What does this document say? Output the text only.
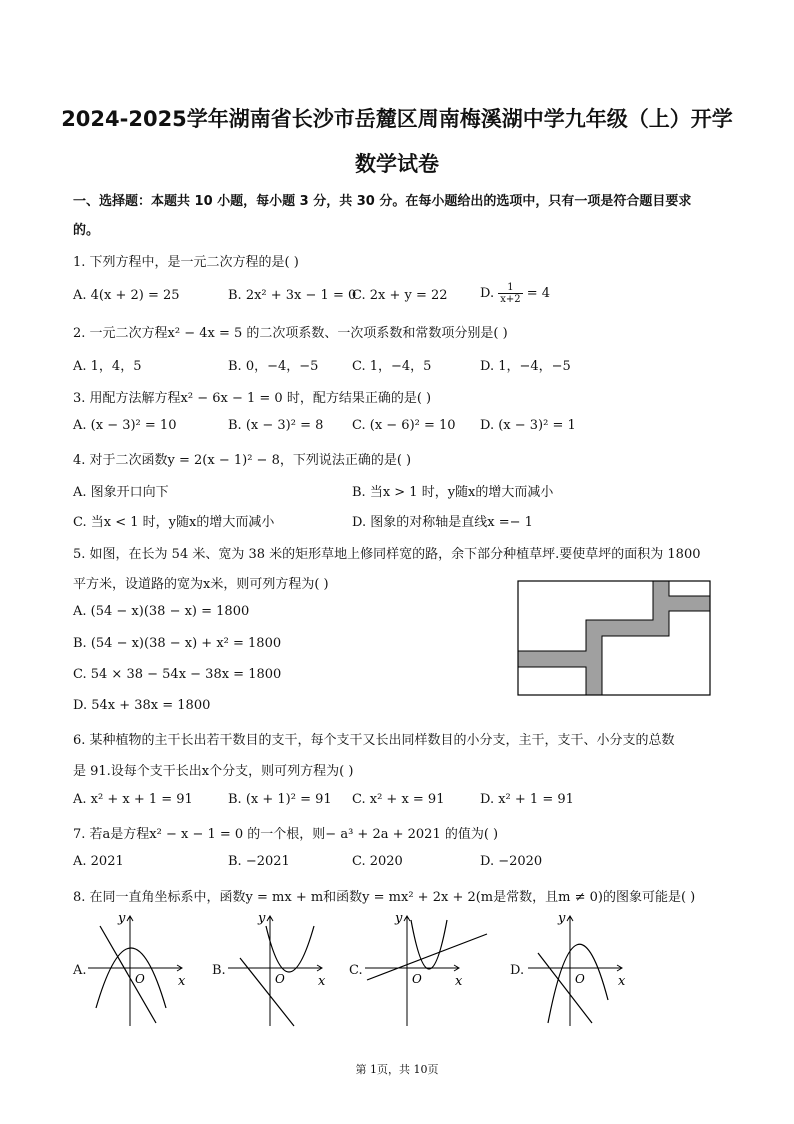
2024-2025学年湖南省长沙市岳麓区周南梅溪湖中学九年级（上）开学
数学试卷
一、选择题：本题共 10 小题，每小题 3 分，共 30 分。在每小题给出的选项中，只有一项是符合题目要求
的。
1. 下列方程中，是一元二次方程的是( )
A. 4(x + 2) = 25	B. 2x² + 3x − 1 = 0
C. 2x + y = 22 D. $\frac{1}{x+2} = 4$
2. 一元二次方程x² − 4x = 5 的二次项系数、一次项系数和常数项分别是( )
A. 1，4，5	B. 0，−4，−5	C. 1，−4，5	D. 1，−4，−5
3. 用配方法解方程x² − 6x − 1 = 0 时，配方结果正确的是( )
A. (x − 3)² = 10	B. (x − 3)² = 8 C. (x − 6)² = 10 D. (x − 3)² = 1
4. 对于二次函数y = 2(x − 1)² − 8，下列说法正确的是( )
A. 图象开口向下	B. 当x > 1 时，y随x的增大而减小
C. 当x < 1 时，y随x的增大而减小	D. 图象的对称轴是直线x =− 1
5. 如图，在长为 54 米、宽为 38 米的矩形草地上修同样宽的路，余下部分种植草坪.要使草坪的面积为 1800
平方米，设道路的宽为x米，则可列方程为( )
A. (54 − x)(38 − x) = 1800
B. (54 − x)(38 − x) + x² = 1800
C. 54 × 38 − 54x − 38x = 1800
D. 54x + 38x = 1800
6. 某种植物的主干长出若干数目的支干，每个支干又长出同样数目的小分支，主干，支干、小分支的总数
是 91.设每个支干长出x个分支，则可列方程为( )
A. x² + x + 1 = 91	B. (x + 1)² = 91 C. x² + x = 91	D. x² + 1 = 91
7. 若a是方程x² − x − 1 = 0 的一个根，则− a³ + 2a + 2021 的值为( )
A. 2021	B. −2021	C. 2020	D. −2020
8. 在同一直角坐标系中，函数y = mx + m和函数y = mx² + 2x + 2(m是常数，且m ≠ 0)的图象可能是( )
A.
y
x
O
B.
y
x
O
C.
y
x
O
D.
y
x
O
第 1页，共 10页
